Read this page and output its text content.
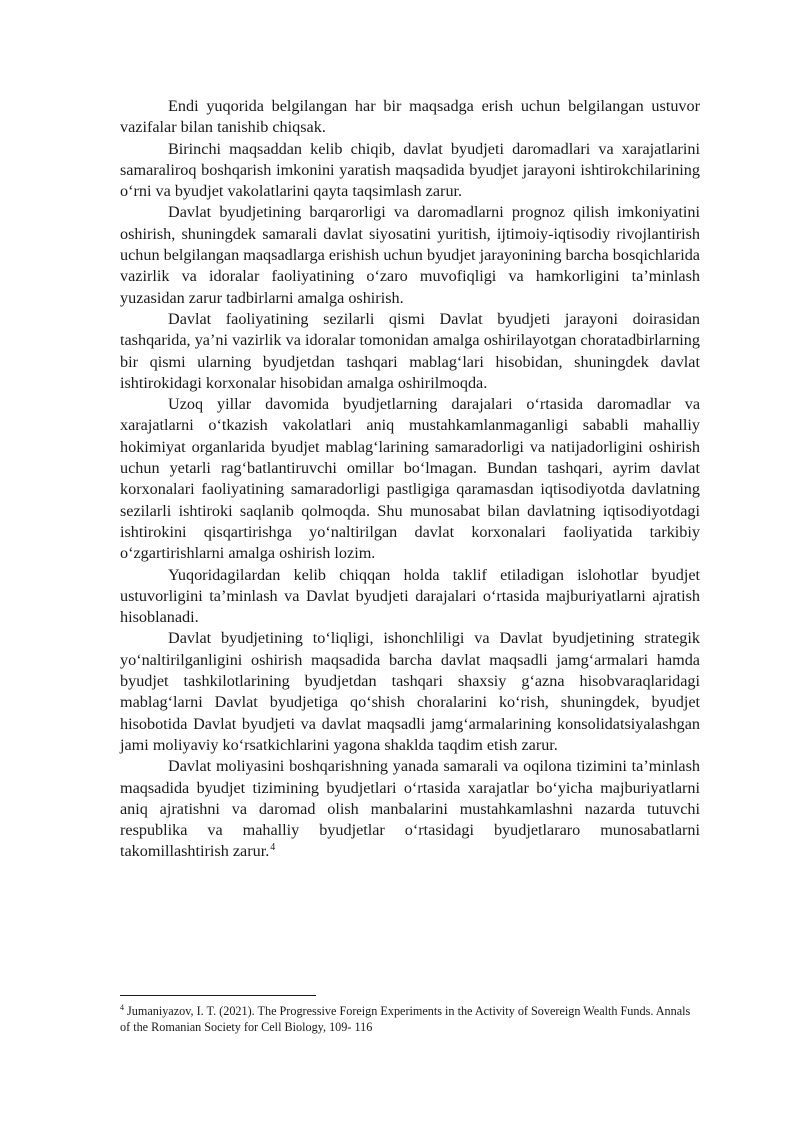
Endi yuqorida belgilangan har bir maqsadga erish uchun belgilangan ustuvor vazifalar bilan tanishib chiqsak.

Birinchi maqsaddan kelib chiqib, davlat byudjeti daromadlari va xarajatlarini samaraliroq boshqarish imkonini yaratish maqsadida byudjet jarayoni ishtirokchilarining oʻrni va byudjet vakolatlarini qayta taqsimlash zarur.

Davlat byudjetining barqarorligi va daromadlarni prognoz qilish imkoniyatini oshirish, shuningdek samarali davlat siyosatini yuritish, ijtimoiy-iqtisodiy rivojlantirish uchun belgilangan maqsadlarga erishish uchun byudjet jarayonining barcha bosqichlarida vazirlik va idoralar faoliyatining oʻzaro muvofiqligi va hamkorligini taʼminlash yuzasidan zarur tadbirlarni amalga oshirish.

Davlat faoliyatining sezilarli qismi Davlat byudjeti jarayoni doirasidan tashqarida, yaʼni vazirlik va idoralar tomonidan amalga oshirilayotgan choratadbirlarning bir qismi ularning byudjetdan tashqari mablagʻlari hisobidan, shuningdek davlat ishtirokidagi korxonalar hisobidan amalga oshirilmoqda.

Uzoq yillar davomida byudjetlarning darajalari oʻrtasida daromadlar va xarajatlarni oʻtkazish vakolatlari aniq mustahkamlanmaganligi sababli mahalliy hokimiyat organlarida byudjet mablagʻlarining samaradorligi va natijadorligini oshirish uchun yetarli ragʻbatlantiruvchi omillar boʻlmagan. Bundan tashqari, ayrim davlat korxonalari faoliyatining samaradorligi pastligiga qaramasdan iqtisodiyotda davlatning sezilarli ishtiroki saqlanib qolmoqda. Shu munosabat bilan davlatning iqtisodiyotdagi ishtirokini qisqartirishga yoʻnaltirilgan davlat korxonalari faoliyatida tarkibiy oʻzgartirishlarni amalga oshirish lozim.

Yuqoridagilardan kelib chiqqan holda taklif etiladigan islohotlar byudjet ustuvorligini taʼminlash va Davlat byudjeti darajalari oʻrtasida majburiyatlarni ajratish hisoblanadi.

Davlat byudjetining toʻliqligi, ishonchliligi va Davlat byudjetining strategik yoʻnaltirilganligini oshirish maqsadida barcha davlat maqsadli jamgʻarmalari hamda byudjet tashkilotlarining byudjetdan tashqari shaxsiy gʻazna hisobvaraqlaridagi mablagʻlarni Davlat byudjetiga qoʻshish choralarini koʻrish, shuningdek, byudjet hisobotida Davlat byudjeti va davlat maqsadli jamgʻarmalarining konsolidatsiyalashgan jami moliyaviy koʻrsatkichlarini yagona shaklda taqdim etish zarur.

Davlat moliyasini boshqarishning yanada samarali va oqilona tizimini taʼminlash maqsadida byudjet tizimining byudjetlari oʻrtasida xarajatlar boʻyicha majburiyatlarni aniq ajratishni va daromad olish manbalarini mustahkamlashni nazarda tutuvchi respublika va mahalliy byudjetlar oʻrtasidagi byudjetlararo munosabatlarni takomillashtirish zarur.$^4$

$^4$ Jumaniyazov, I. T. (2021). The Progressive Foreign Experiments in the Activity of Sovereign Wealth Funds. Annals of the Romanian Society for Cell Biology, 109- 116
